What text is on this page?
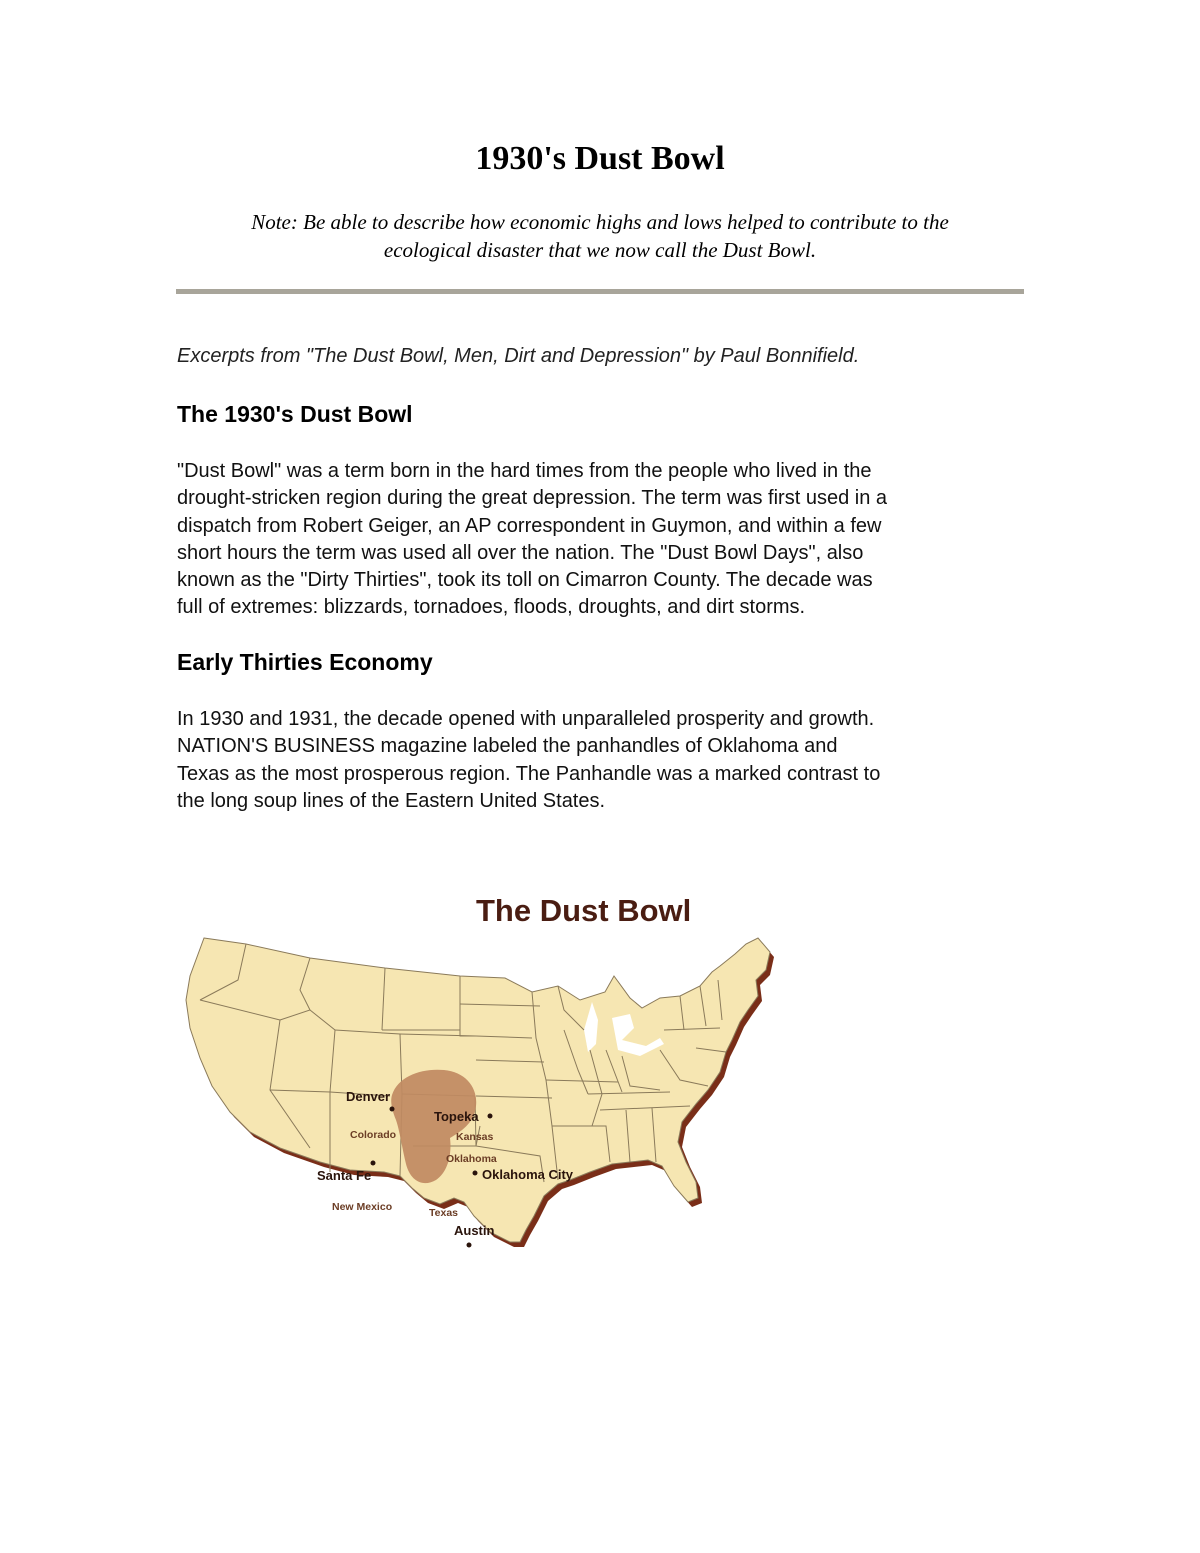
1930's Dust Bowl
Note: Be able to describe how economic highs and lows helped to contribute to the
ecological disaster that we now call the Dust Bowl.

Excerpts from "The Dust Bowl, Men, Dirt and Depression" by Paul Bonnifield.

The 1930's Dust Bowl
"Dust Bowl" was a term born in the hard times from the people who lived in the
drought-stricken region during the great depression. The term was first used in a
dispatch from Robert Geiger, an AP correspondent in Guymon, and within a few
short hours the term was used all over the nation. The "Dust Bowl Days", also
known as the "Dirty Thirties", took its toll on Cimarron County. The decade was
full of extremes: blizzards, tornadoes, floods, droughts, and dirt storms.
Early Thirties Economy
In 1930 and 1931, the decade opened with unparalleled prosperity and growth.
NATION'S BUSINESS magazine labeled the panhandles of Oklahoma and
Texas as the most prosperous region. The Panhandle was a marked contrast to
the long soup lines of the Eastern United States.
The Dust Bowl
Denver
Topeka
Santa Fe	Oklahoma City
Austin
Colorado	Kansas
Oklahoma
New Mexico	Texas
